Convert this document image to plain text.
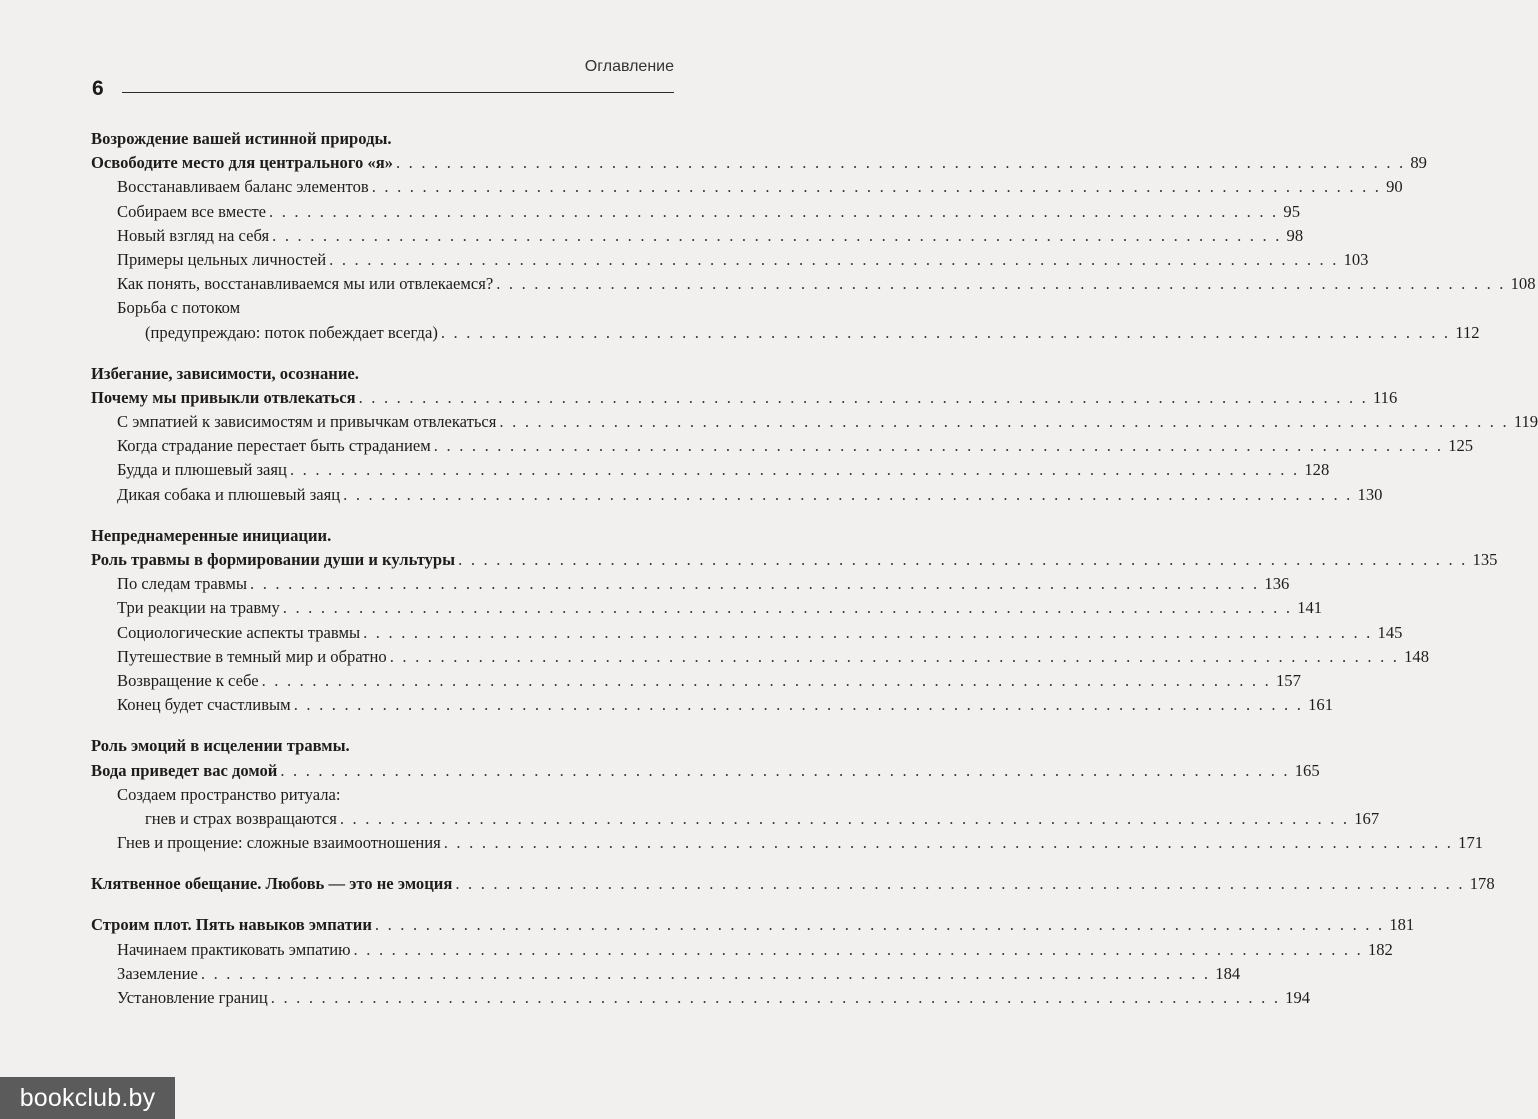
Оглавление
6
Возрождение вашей истинной природы.
Освободите место для центрального «я» . . . . . . . . . . . . . . . . . . . . . . . . . . . . . . . . . . . . . . . . . . . . . . . . . . . . . . . . . . . . . . . . . . . . . . . . . . . . . . . . 89
Восстанавливаем баланс элементов . . . . . . . . . . . . . . . . . . . . . . . . . . . . . . . . . . . . . . . . . . . . . . . . . . . . . . . . . . . . . . . . . . . . . . . . . . . . . . . . 90
Собираем все вместе . . . . . . . . . . . . . . . . . . . . . . . . . . . . . . . . . . . . . . . . . . . . . . . . . . . . . . . . . . . . . . . . . . . . . . . . . . . . . . . . 95
Новый взгляд на себя . . . . . . . . . . . . . . . . . . . . . . . . . . . . . . . . . . . . . . . . . . . . . . . . . . . . . . . . . . . . . . . . . . . . . . . . . . . . . . . . 98
Примеры цельных личностей . . . . . . . . . . . . . . . . . . . . . . . . . . . . . . . . . . . . . . . . . . . . . . . . . . . . . . . . . . . . . . . . . . . . . . . . . . . . . . . . 103
Как понять, восстанавливаемся мы или отвлекаемся? . . . . . . . . . . . . . . . . . . . . . . . . . . . . . . . . . . . . . . . . . . . . . . . . . . . . . . . . . . . . . . . . . . . . . . . . . . . . . . . . 108
Борьба с потоком
(предупреждаю: поток побеждает всегда) . . . . . . . . . . . . . . . . . . . . . . . . . . . . . . . . . . . . . . . . . . . . . . . . . . . . . . . . . . . . . . . . . . . . . . . . . . . . . . . . 112
Избегание, зависимости, осознание.
Почему мы привыкли отвлекаться . . . . . . . . . . . . . . . . . . . . . . . . . . . . . . . . . . . . . . . . . . . . . . . . . . . . . . . . . . . . . . . . . . . . . . . . . . . . . . . . 116
С эмпатией к зависимостям и привычкам отвлекаться . . . . . . . . . . . . . . . . . . . . . . . . . . . . . . . . . . . . . . . . . . . . . . . . . . . . . . . . . . . . . . . . . . . . . . . . . . . . . . . . 119
Когда страдание перестает быть страданием . . . . . . . . . . . . . . . . . . . . . . . . . . . . . . . . . . . . . . . . . . . . . . . . . . . . . . . . . . . . . . . . . . . . . . . . . . . . . . . . 125
Будда и плюшевый заяц . . . . . . . . . . . . . . . . . . . . . . . . . . . . . . . . . . . . . . . . . . . . . . . . . . . . . . . . . . . . . . . . . . . . . . . . . . . . . . . . 128
Дикая собака и плюшевый заяц . . . . . . . . . . . . . . . . . . . . . . . . . . . . . . . . . . . . . . . . . . . . . . . . . . . . . . . . . . . . . . . . . . . . . . . . . . . . . . . . 130
Непреднамеренные инициации.
Роль травмы в формировании души и культуры . . . . . . . . . . . . . . . . . . . . . . . . . . . . . . . . . . . . . . . . . . . . . . . . . . . . . . . . . . . . . . . . . . . . . . . . . . . . . . . . 135
По следам травмы . . . . . . . . . . . . . . . . . . . . . . . . . . . . . . . . . . . . . . . . . . . . . . . . . . . . . . . . . . . . . . . . . . . . . . . . . . . . . . . . 136
Три реакции на травму . . . . . . . . . . . . . . . . . . . . . . . . . . . . . . . . . . . . . . . . . . . . . . . . . . . . . . . . . . . . . . . . . . . . . . . . . . . . . . . . 141
Социологические аспекты травмы . . . . . . . . . . . . . . . . . . . . . . . . . . . . . . . . . . . . . . . . . . . . . . . . . . . . . . . . . . . . . . . . . . . . . . . . . . . . . . . . 145
Путешествие в темный мир и обратно . . . . . . . . . . . . . . . . . . . . . . . . . . . . . . . . . . . . . . . . . . . . . . . . . . . . . . . . . . . . . . . . . . . . . . . . . . . . . . . . 148
Возвращение к себе . . . . . . . . . . . . . . . . . . . . . . . . . . . . . . . . . . . . . . . . . . . . . . . . . . . . . . . . . . . . . . . . . . . . . . . . . . . . . . . . 157
Конец будет счастливым . . . . . . . . . . . . . . . . . . . . . . . . . . . . . . . . . . . . . . . . . . . . . . . . . . . . . . . . . . . . . . . . . . . . . . . . . . . . . . . . 161
Роль эмоций в исцелении травмы.
Вода приведет вас домой . . . . . . . . . . . . . . . . . . . . . . . . . . . . . . . . . . . . . . . . . . . . . . . . . . . . . . . . . . . . . . . . . . . . . . . . . . . . . . . . 165
Создаем пространство ритуала:
гнев и страх возвращаются . . . . . . . . . . . . . . . . . . . . . . . . . . . . . . . . . . . . . . . . . . . . . . . . . . . . . . . . . . . . . . . . . . . . . . . . . . . . . . . . 167
Гнев и прощение: сложные взаимоотношения . . . . . . . . . . . . . . . . . . . . . . . . . . . . . . . . . . . . . . . . . . . . . . . . . . . . . . . . . . . . . . . . . . . . . . . . . . . . . . . . 171
Клятвенное обещание. Любовь — это не эмоция . . . . . . . . . . . . . . . . . . . . . . . . . . . . . . . . . . . . . . . . . . . . . . . . . . . . . . . . . . . . . . . . . . . . . . . . . . . . . . . . 178
Строим плот. Пять навыков эмпатии . . . . . . . . . . . . . . . . . . . . . . . . . . . . . . . . . . . . . . . . . . . . . . . . . . . . . . . . . . . . . . . . . . . . . . . . . . . . . . . . 181
Начинаем практиковать эмпатию . . . . . . . . . . . . . . . . . . . . . . . . . . . . . . . . . . . . . . . . . . . . . . . . . . . . . . . . . . . . . . . . . . . . . . . . . . . . . . . . 182
Заземление . . . . . . . . . . . . . . . . . . . . . . . . . . . . . . . . . . . . . . . . . . . . . . . . . . . . . . . . . . . . . . . . . . . . . . . . . . . . . . . . 184
Установление границ . . . . . . . . . . . . . . . . . . . . . . . . . . . . . . . . . . . . . . . . . . . . . . . . . . . . . . . . . . . . . . . . . . . . . . . . . . . . . . . . 194
bookclub.by
